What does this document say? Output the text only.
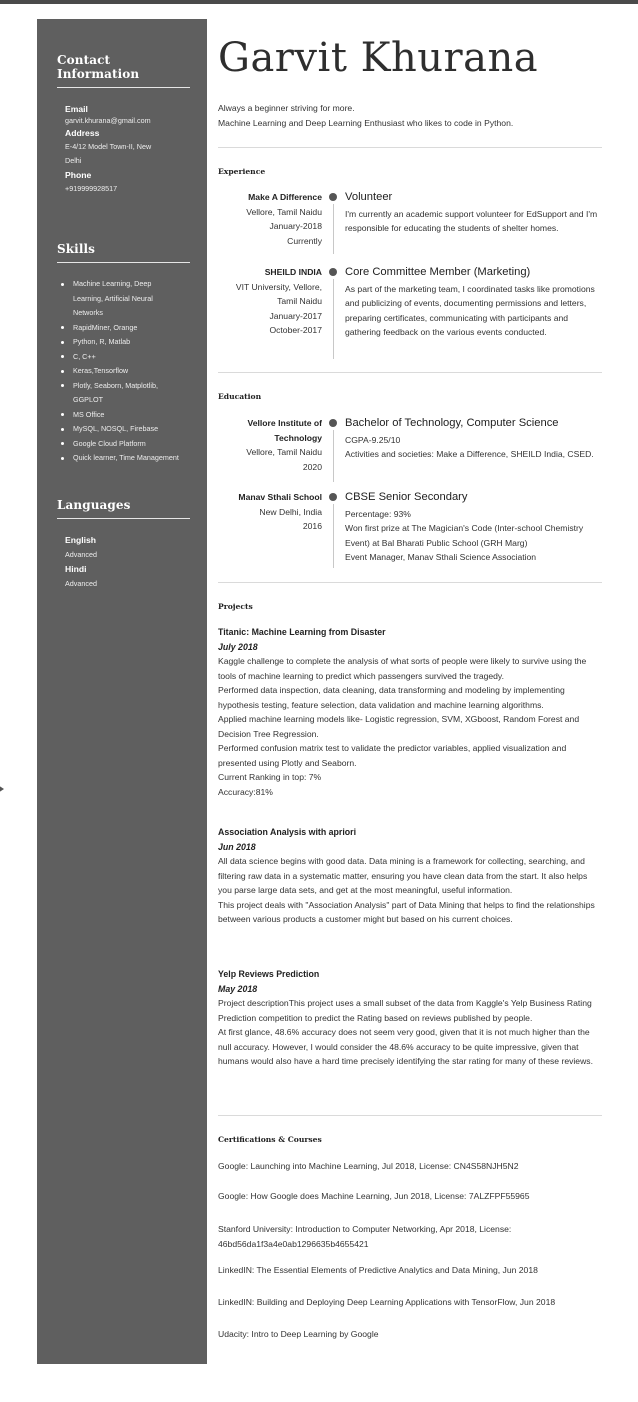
Contact Information
Email
garvit.khurana@gmail.com
Address
E-4/12 Model Town-II, New
Delhi
Phone
+919999928517
Skills
Machine Learning, Deep
Learning, Artificial Neural
Networks
RapidMiner, Orange
Python, R, Matlab
C, C++
Keras,Tensorflow
Plotly, Seaborn, Matplotlib,
GGPLOT
MS Office
MySQL, NOSQL, Firebase
Google Cloud Platform
Quick learner, Time Management
Languages
English
Advanced
Hindi
Advanced
Garvit Khurana
Always a beginner striving for more.
Machine Learning and Deep Learning Enthusiast who likes to code in Python.
Experience
Make A Difference
Vellore, Tamil Naidu
January-2018
Currently
Volunteer
I'm currently an academic support volunteer for EdSupport and I'm responsible for educating the students of shelter homes.
SHEILD INDIA
VIT University, Vellore,
Tamil Naidu
January-2017
October-2017
Core Committee Member (Marketing)
As part of the marketing team, I coordinated tasks like promotions and publicizing of events, documenting permissions and letters, preparing certificates, communicating with participants and gathering feedback on the various events conducted.
Education
Vellore Institute of
Technology
Vellore, Tamil Naidu
2020
Bachelor of Technology, Computer Science
CGPA-9.25/10
Activities and societies: Make a Difference, SHEILD India, CSED.
Manav Sthali School
New Delhi, India
2016
CBSE Senior Secondary
Percentage: 93%
Won first prize at The Magician's Code (Inter-school Chemistry Event) at Bal Bharati Public School (GRH Marg)
Event Manager, Manav Sthali Science Association
Projects
Titanic: Machine Learning from Disaster
July 2018
Kaggle challenge to complete the analysis of what sorts of people were likely to survive using the tools of machine learning to predict which passengers survived the tragedy.
Performed data inspection, data cleaning, data transforming and modeling by implementing hypothesis testing, feature selection, data validation and machine learning algorithms.
Applied machine learning models like- Logistic regression, SVM, XGboost, Random Forest and Decision Tree Regression.
Performed confusion matrix test to validate the predictor variables, applied visualization and presented using Plotly and Seaborn.
Current Ranking in top: 7%
Accuracy:81%
Association Analysis with apriori
Jun 2018
All data science begins with good data. Data mining is a framework for collecting, searching, and filtering raw data in a systematic matter, ensuring you have clean data from the start. It also helps you parse large data sets, and get at the most meaningful, useful information.
This project deals with "Association Analysis" part of Data Mining that helps to find the relationships between various products a customer might but based on his current choices.
Yelp Reviews Prediction
May 2018
Project descriptionThis project uses a small subset of the data from Kaggle's Yelp Business Rating Prediction competition to predict the Rating based on reviews published by people.
At first glance, 48.6% accuracy does not seem very good, given that it is not much higher than the null accuracy. However, I would consider the 48.6% accuracy to be quite impressive, given that humans would also have a hard time precisely identifying the star rating for many of these reviews.
Certifications & Courses
Google: Launching into Machine Learning, Jul 2018, License: CN4S58NJH5N2
Google: How Google does Machine Learning, Jun 2018, License: 7ALZFPF55965
Stanford University: Introduction to Computer Networking, Apr 2018, License: 46bd56da1f3a4e0ab1296635b4655421
LinkedIN: The Essential Elements of Predictive Analytics and Data Mining, Jun 2018
LinkedIN: Building and Deploying Deep Learning Applications with TensorFlow, Jun 2018
Udacity: Intro to Deep Learning by Google
